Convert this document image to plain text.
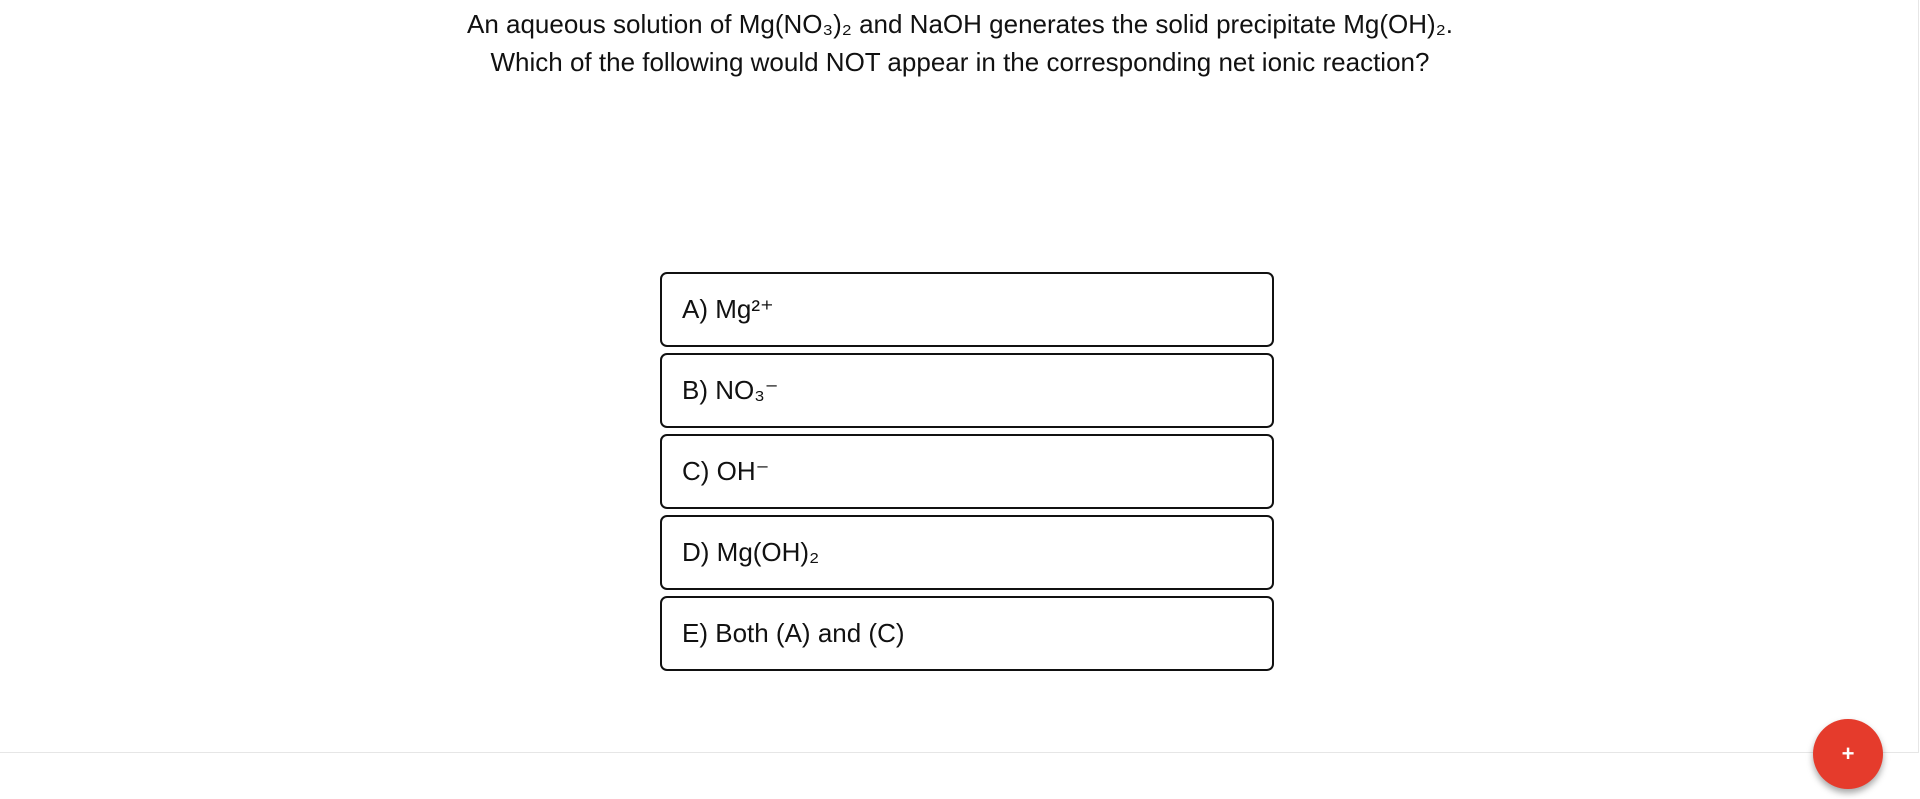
An aqueous solution of Mg(NO₃)₂ and NaOH generates the solid precipitate Mg(OH)₂. Which of the following would NOT appear in the corresponding net ionic reaction?
A) Mg²⁺
B) NO₃⁻
C) OH⁻
D) Mg(OH)₂
E) Both (A) and (C)
+
